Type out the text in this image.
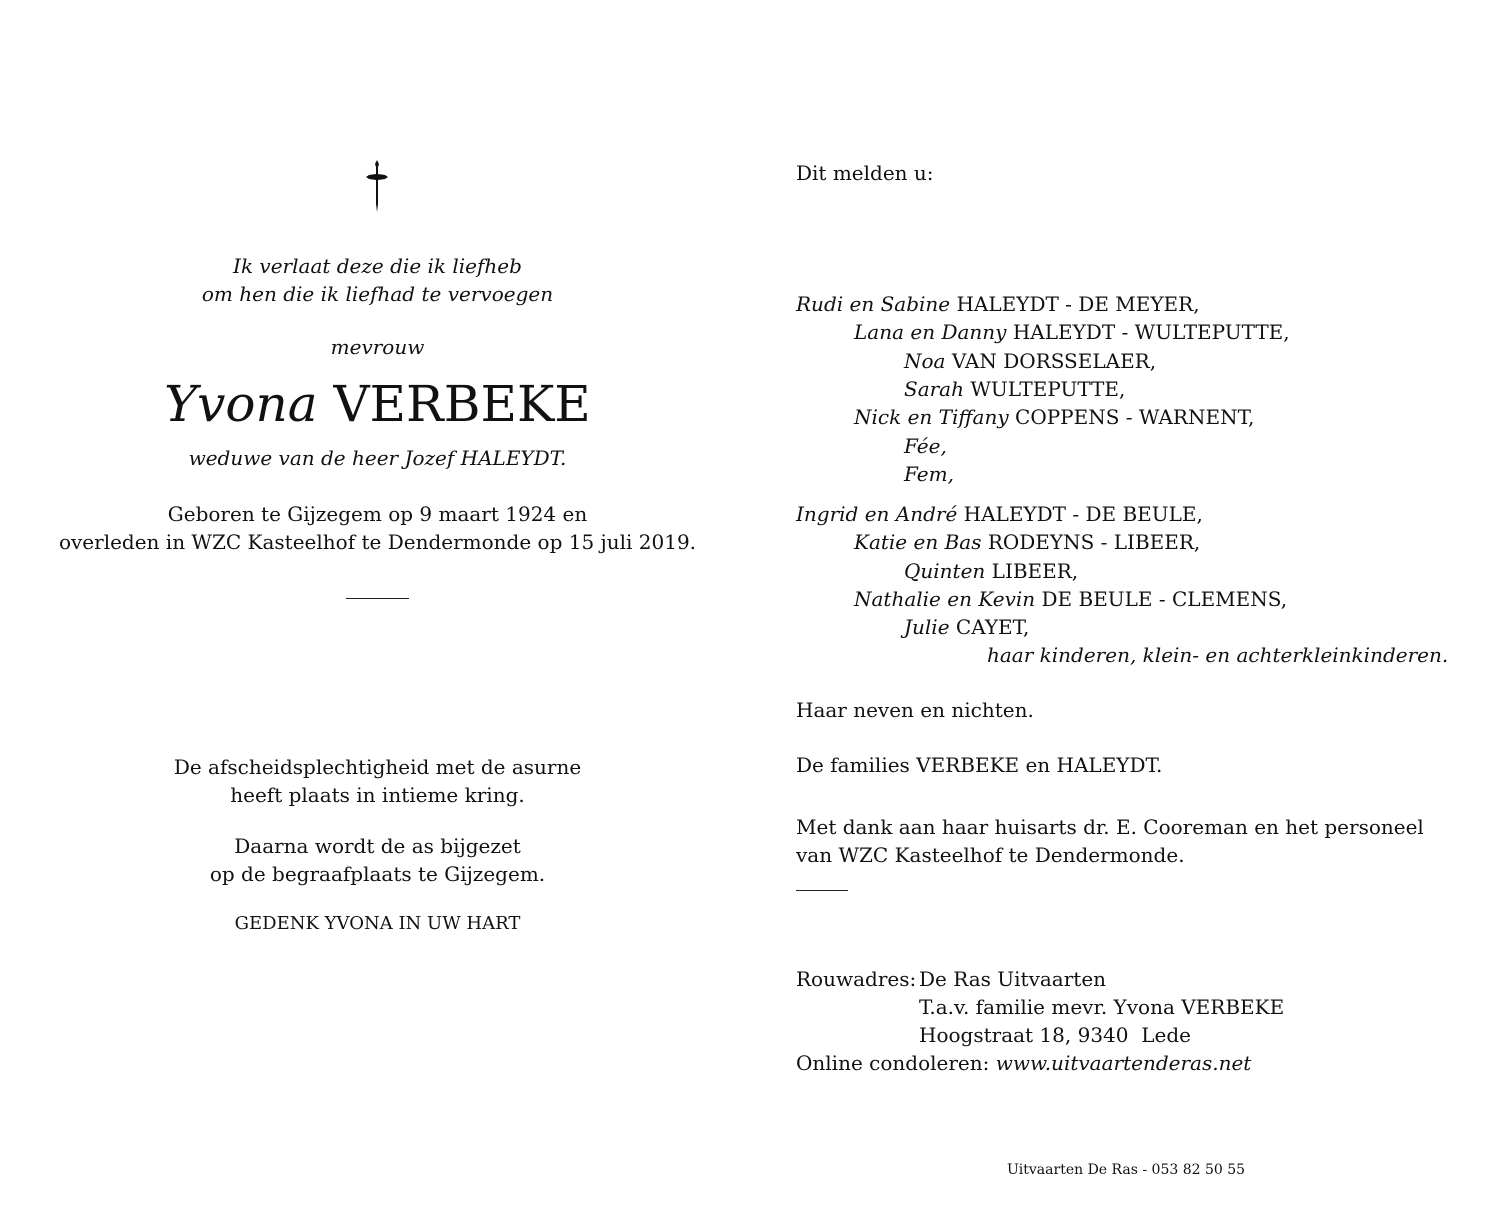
Ik verlaat deze die ik liefheb
om hen die ik liefhad te vervoegen
mevrouw
Yvona VERBEKE
weduwe van de heer Jozef HALEYDT.
Geboren te Gijzegem op 9 maart 1924 en
overleden in WZC Kasteelhof te Dendermonde op 15 juli 2019.
De afscheidsplechtigheid met de asurne
heeft plaats in intieme kring.
Daarna wordt de as bijgezet
op de begraafplaats te Gijzegem.
GEDENK YVONA IN UW HART
Dit melden u:
Rudi en Sabine HALEYDT - DE MEYER,
Lana en Danny HALEYDT - WULTEPUTTE,
Noa VAN DORSSELAER,
Sarah WULTEPUTTE,
Nick en Tiffany COPPENS - WARNENT,
Fée,
Fem,
Ingrid en André HALEYDT - DE BEULE,
Katie en Bas RODEYNS - LIBEER,
Quinten LIBEER,
Nathalie en Kevin DE BEULE - CLEMENS,
Julie CAYET,
haar kinderen, klein- en achterkleinkinderen.
Haar neven en nichten.
De families VERBEKE en HALEYDT.
Met dank aan haar huisarts dr. E. Cooreman en het personeel
van WZC Kasteelhof te Dendermonde.
Rouwadres: De Ras Uitvaarten
T.a.v. familie mevr. Yvona VERBEKE
Hoogstraat 18, 9340  Lede
Online condoleren: www.uitvaartenderas.net
Uitvaarten De Ras - 053 82 50 55
